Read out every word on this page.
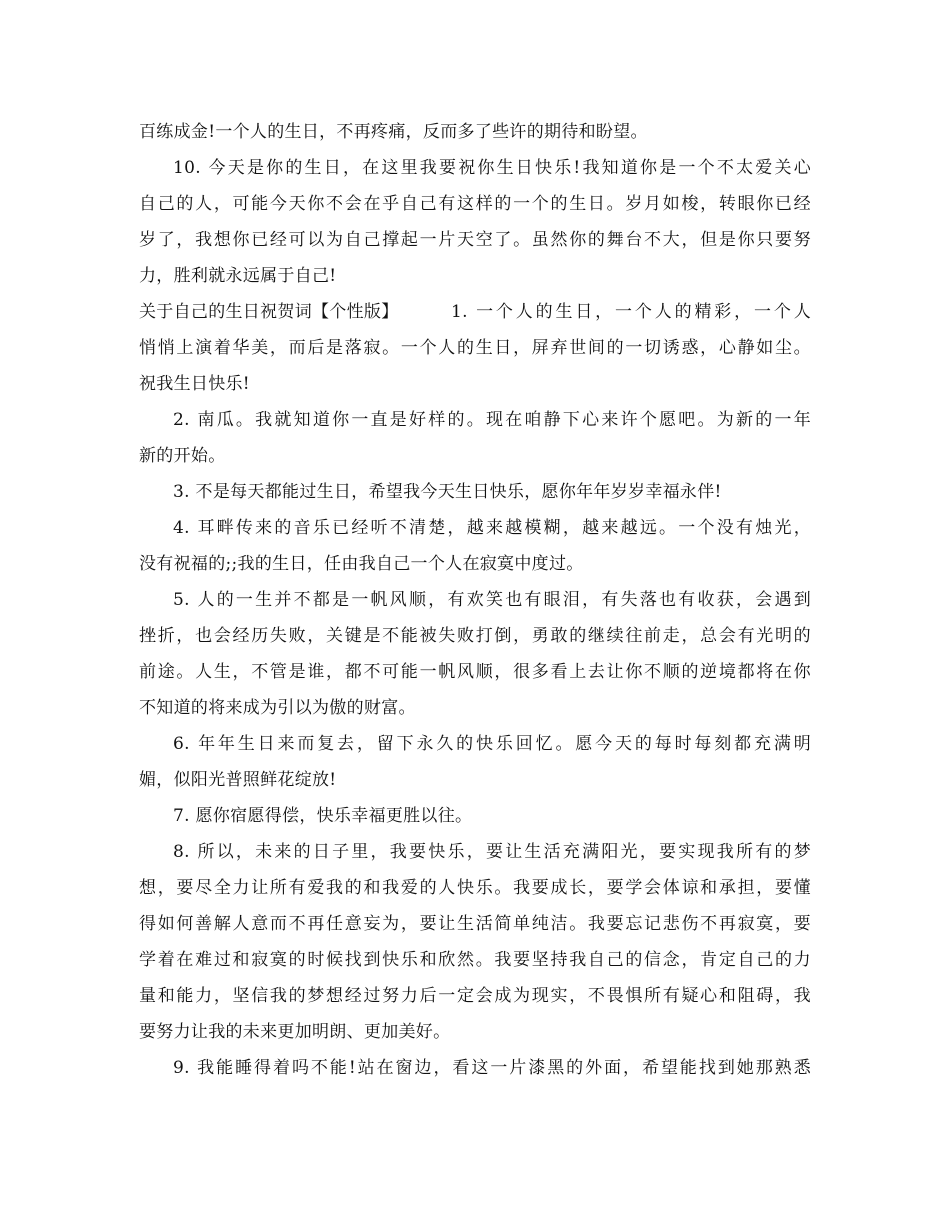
百练成金!一个人的生日，不再疼痛，反而多了些许的期待和盼望。
10. 今天是你的生日，在这里我要祝你生日快乐!我知道你是一个不太爱关心
自己的人，可能今天你不会在乎自己有这样的一个的生日。岁月如梭，转眼你已经
岁了，我想你已经可以为自己撑起一片天空了。虽然你的舞台不大，但是你只要努
力，胜利就永远属于自己!
关于自己的生日祝贺词【个性版】	1. 一个人的生日，一个人的精彩，一个人
悄悄上演着华美，而后是落寂。一个人的生日，屏弃世间的一切诱惑，心静如尘。
祝我生日快乐!
2. 南瓜。我就知道你一直是好样的。现在咱静下心来许个愿吧。为新的一年
新的开始。
3. 不是每天都能过生日，希望我今天生日快乐，愿你年年岁岁幸福永伴!
4. 耳畔传来的音乐已经听不清楚，越来越模糊，越来越远。一个没有烛光，
没有祝福的;;我的生日，任由我自己一个人在寂寞中度过。
5. 人的一生并不都是一帆风顺，有欢笑也有眼泪，有失落也有收获，会遇到
挫折，也会经历失败，关键是不能被失败打倒，勇敢的继续往前走，总会有光明的
前途。人生，不管是谁，都不可能一帆风顺，很多看上去让你不顺的逆境都将在你
不知道的将来成为引以为傲的财富。
6. 年年生日来而复去，留下永久的快乐回忆。愿今天的每时每刻都充满明
媚，似阳光普照鲜花绽放!
7. 愿你宿愿得偿，快乐幸福更胜以往。
8. 所以，未来的日子里，我要快乐，要让生活充满阳光，要实现我所有的梦
想，要尽全力让所有爱我的和我爱的人快乐。我要成长，要学会体谅和承担，要懂
得如何善解人意而不再任意妄为，要让生活简单纯洁。我要忘记悲伤不再寂寞，要
学着在难过和寂寞的时候找到快乐和欣然。我要坚持我自己的信念，肯定自己的力
量和能力，坚信我的梦想经过努力后一定会成为现实，不畏惧所有疑心和阻碍，我
要努力让我的未来更加明朗、更加美好。
9. 我能睡得着吗不能!站在窗边，看这一片漆黑的外面，希望能找到她那熟悉
